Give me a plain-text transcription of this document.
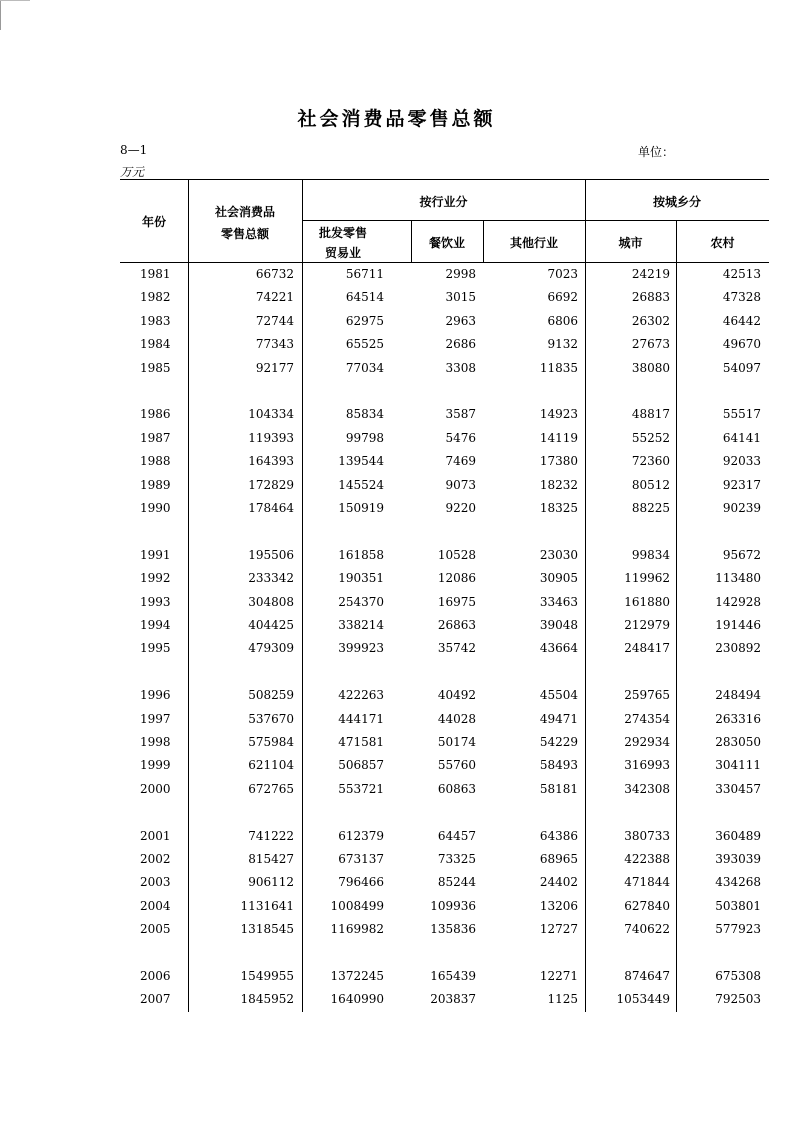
社会消费品零售总额
8—1	单位：
万元
年份
社会消费品
零售总额
按行业分	按城乡分
批发零售
贸易业
餐饮业	其他行业	城市	农村
1981	66732	56711	2998	7023	24219	42513
1982	74221	64514	3015	6692	26883	47328
1983	72744	62975	2963	6806	26302	46442
1984	77343	65525	2686	9132	27673	49670
1985	92177	77034	3308	11835	38080	54097
1986	104334	85834	3587	14923	48817	55517
1987	119393	99798	5476	14119	55252	64141
1988	164393	139544	7469	17380	72360	92033
1989	172829	145524	9073	18232	80512	92317
1990	178464	150919	9220	18325	88225	90239
1991	195506	161858	10528	23030	99834	95672
1992	233342	190351	12086	30905	119962	113480
1993	304808	254370	16975	33463	161880	142928
1994	404425	338214	26863	39048	212979	191446
1995	479309	399923	35742	43664	248417	230892
1996	508259	422263	40492	45504	259765	248494
1997	537670	444171	44028	49471	274354	263316
1998	575984	471581	50174	54229	292934	283050
1999	621104	506857	55760	58493	316993	304111
2000	672765	553721	60863	58181	342308	330457
2001	741222	612379	64457	64386	380733	360489
2002	815427	673137	73325	68965	422388	393039
2003	906112	796466	85244	24402	471844	434268
2004	1131641	1008499	109936	13206	627840	503801
2005	1318545	1169982	135836	12727	740622	577923
2006	1549955	1372245	165439	12271	874647	675308
2007	1845952	1640990	203837	1125	1053449	792503
